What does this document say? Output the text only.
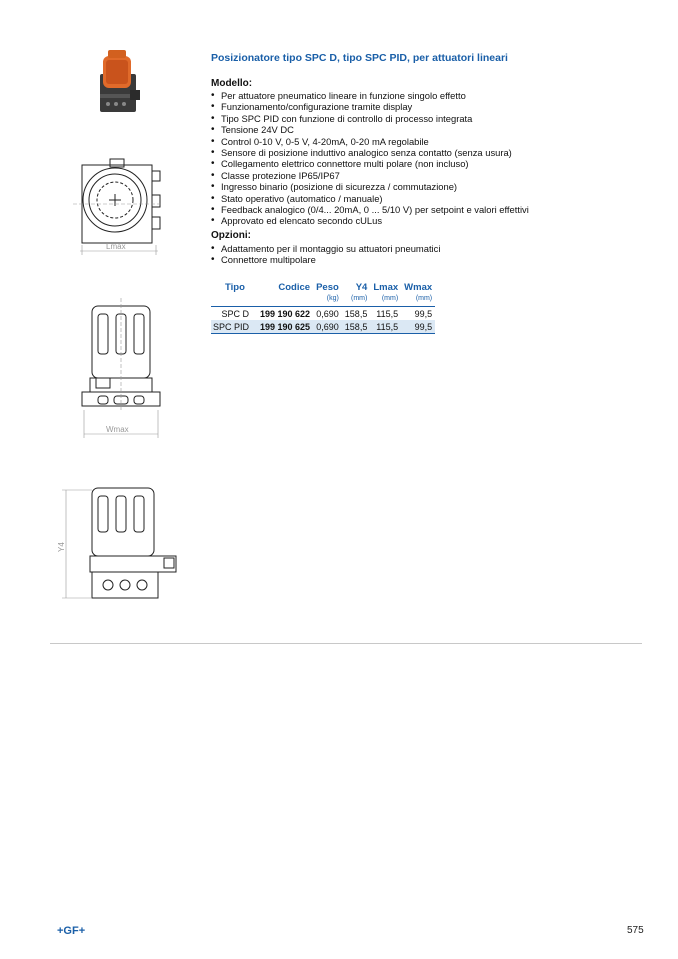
Lmax
Wmax
Y4
Posizionatore tipo SPC D, tipo SPC PID, per attuatori lineari
Modello:
• Per attuatore pneumatico lineare in funzione singolo effetto
• Funzionamento/configurazione tramite display
• Tipo SPC PID con funzione di controllo di processo integrata
• Tensione 24V DC
• Control 0-10 V, 0-5 V, 4-20mA, 0-20 mA regolabile
• Sensore di posizione induttivo analogico senza contatto (senza usura)
• Collegamento elettrico connettore multi polare (non incluso)
• Classe protezione IP65/IP67
• Ingresso binario (posizione di sicurezza / commutazione)
• Stato operativo (automatico / manuale)
• Feedback analogico (0/4... 20mA, 0 ... 5/10 V) per setpoint e valori effettivi
• Approvato ed elencato secondo cULus
Opzioni:
• Adattamento per il montaggio su attuatori pneumatici
• Connettore multipolare
Tipo	Codice	Peso	Y4	Lmax	Wmax
		(kg)	(mm)	(mm)	(mm)
SPC D	199 190 622	0,690	158,5	115,5	99,5
SPC PID	199 190 625	0,690	158,5	115,5	99,5
+GF+	575
